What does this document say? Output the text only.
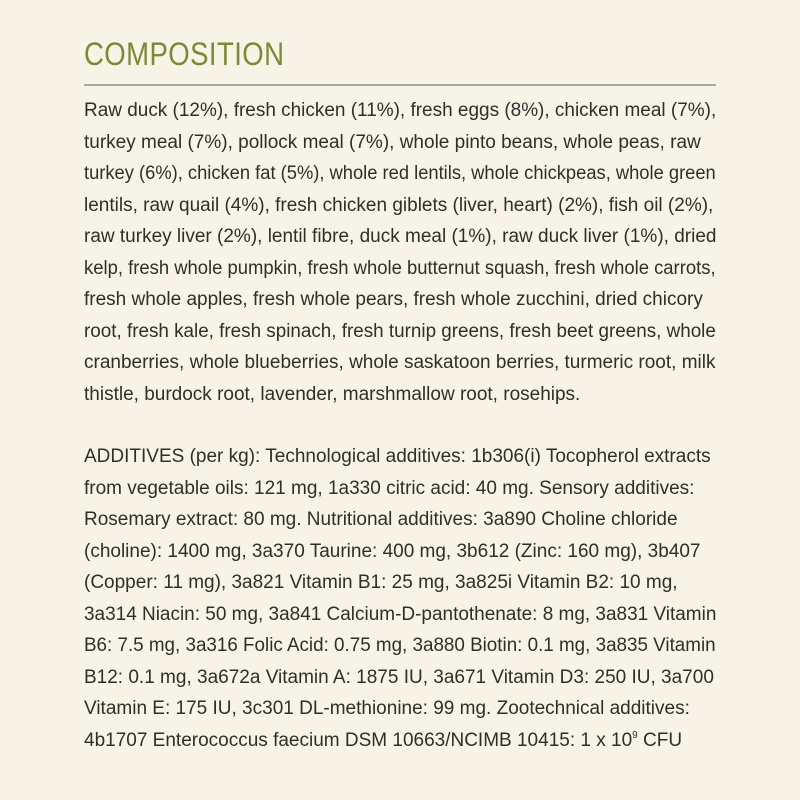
COMPOSITION
Raw duck (12%), fresh chicken (11%), fresh eggs (8%), chicken meal (7%),
turkey meal (7%), pollock meal (7%), whole pinto beans, whole peas, raw
turkey (6%), chicken fat (5%), whole red lentils, whole chickpeas, whole green
lentils, raw quail (4%), fresh chicken giblets (liver, heart) (2%), fish oil (2%),
raw turkey liver (2%), lentil fibre, duck meal (1%), raw duck liver (1%), dried
kelp, fresh whole pumpkin, fresh whole butternut squash, fresh whole carrots,
fresh whole apples, fresh whole pears, fresh whole zucchini, dried chicory
root, fresh kale, fresh spinach, fresh turnip greens, fresh beet greens, whole
cranberries, whole blueberries, whole saskatoon berries, turmeric root, milk
thistle, burdock root, lavender, marshmallow root, rosehips.
ADDITIVES (per kg): Technological additives: 1b306(i) Tocopherol extracts
from vegetable oils: 121 mg, 1a330 citric acid: 40 mg. Sensory additives:
Rosemary extract: 80 mg. Nutritional additives: 3a890 Choline chloride
(choline): 1400 mg, 3a370 Taurine: 400 mg, 3b612 (Zinc: 160 mg), 3b407
(Copper: 11 mg), 3a821 Vitamin B1: 25 mg, 3a825i Vitamin B2: 10 mg,
3a314 Niacin: 50 mg, 3a841 Calcium-D-pantothenate: 8 mg, 3a831 Vitamin
B6: 7.5 mg, 3a316 Folic Acid: 0.75 mg, 3a880 Biotin: 0.1 mg, 3a835 Vitamin
B12: 0.1 mg, 3a672a Vitamin A: 1875 IU, 3a671 Vitamin D3: 250 IU, 3a700
Vitamin E: 175 IU, 3c301 DL-methionine: 99 mg. Zootechnical additives:
4b1707 Enterococcus faecium DSM 10663/NCIMB 10415: 1 x $10^9$ CFU
